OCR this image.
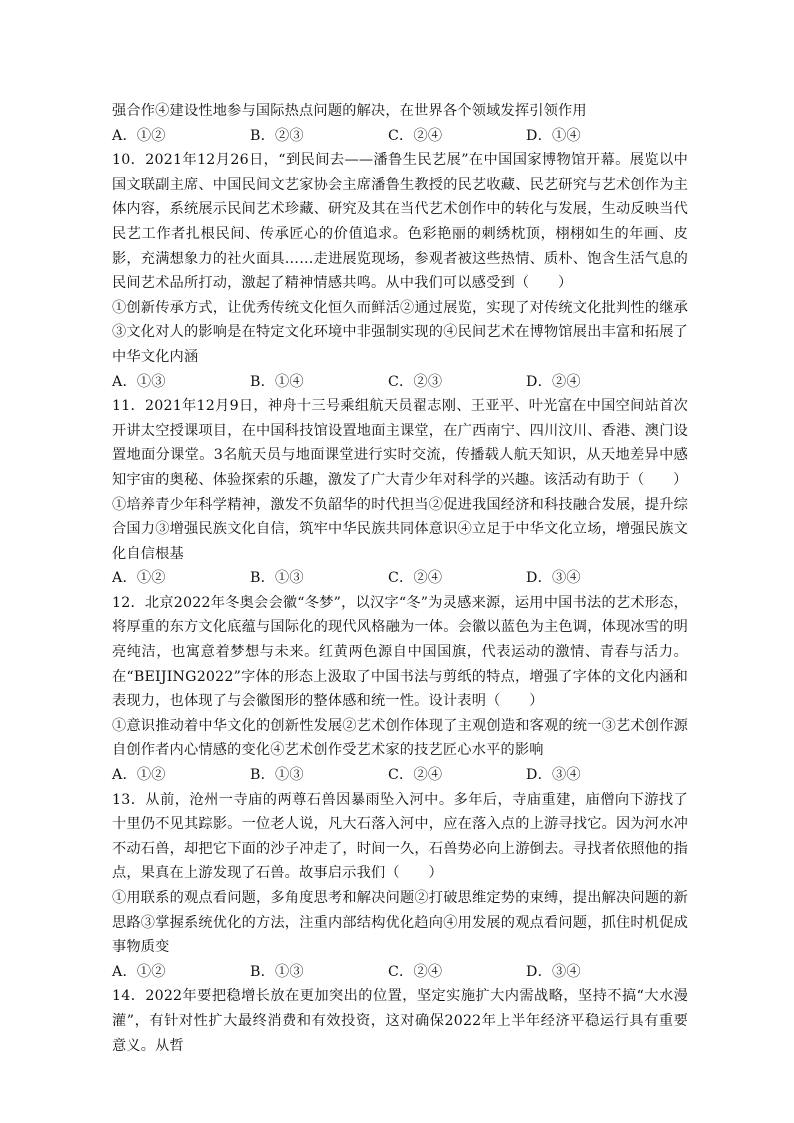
强合作④建设性地参与国际热点问题的解决，在世界各个领域发挥引领作用

A．①②	B．②③	C．②④	D．①④

10．2021年12月26日，“到民间去——潘鲁生民艺展”在中国国家博物馆开幕。展览以中国文联副主席、中国民间文艺家协会主席潘鲁生教授的民艺收藏、民艺研究与艺术创作为主体内容，系统展示民间艺术珍藏、研究及其在当代艺术创作中的转化与发展，生动反映当代民艺工作者扎根民间、传承匠心的价值追求。色彩艳丽的刺绣枕顶，栩栩如生的年画、皮影，充满想象力的社火面具……走进展览现场，参观者被这些热情、质朴、饱含生活气息的民间艺术品所打动，激起了精神情感共鸣。从中我们可以感受到（　　）

①创新传承方式，让优秀传统文化恒久而鲜活②通过展览，实现了对传统文化批判性的继承③文化对人的影响是在特定文化环境中非强制实现的④民间艺术在博物馆展出丰富和拓展了中华文化内涵

A．①③	B．①④	C．②③	D．②④

11．2021年12月9日，神舟十三号乘组航天员翟志刚、王亚平、叶光富在中国空间站首次开讲太空授课项目，在中国科技馆设置地面主课堂，在广西南宁、四川汶川、香港、澳门设置地面分课堂。3名航天员与地面课堂进行实时交流，传播载人航天知识，从天地差异中感知宇宙的奥秘、体验探索的乐趣，激发了广大青少年对科学的兴趣。该活动有助于（　　）

①培养青少年科学精神，激发不负韶华的时代担当②促进我国经济和科技融合发展，提升综合国力③增强民族文化自信，筑牢中华民族共同体意识④立足于中华文化立场，增强民族文化自信根基

A．①②	B．①③	C．②④	D．③④

12．北京2022年冬奥会会徽“冬梦”，以汉字“冬”为灵感来源，运用中国书法的艺术形态，将厚重的东方文化底蕴与国际化的现代风格融为一体。会徽以蓝色为主色调，体现冰雪的明亮纯洁，也寓意着梦想与未来。红黄两色源自中国国旗，代表运动的激情、青春与活力。在“BEIJING2022”字体的形态上汲取了中国书法与剪纸的特点，增强了字体的文化内涵和表现力，也体现了与会徽图形的整体感和统一性。设计表明（　　）

①意识推动着中华文化的创新性发展②艺术创作体现了主观创造和客观的统一③艺术创作源自创作者内心情感的变化④艺术创作受艺术家的技艺匠心水平的影响

A．①②	B．①③	C．②④	D．③④

13．从前，沧州一寺庙的两尊石兽因暴雨坠入河中。多年后，寺庙重建，庙僧向下游找了十里仍不见其踪影。一位老人说，凡大石落入河中，应在落入点的上游寻找它。因为河水冲不动石兽，却把它下面的沙子冲走了，时间一久，石兽势必向上游倒去。寻找者依照他的指点，果真在上游发现了石兽。故事启示我们（　　）

①用联系的观点看问题，多角度思考和解决问题②打破思维定势的束缚，提出解决问题的新思路③掌握系统优化的方法，注重内部结构优化趋向④用发展的观点看问题，抓住时机促成事物质变

A．①②	B．①③	C．②④	D．③④

14．2022年要把稳增长放在更加突出的位置，坚定实施扩大内需战略，坚持不搞“大水漫灌”，有针对性扩大最终消费和有效投资，这对确保2022年上半年经济平稳运行具有重要意义。从哲
